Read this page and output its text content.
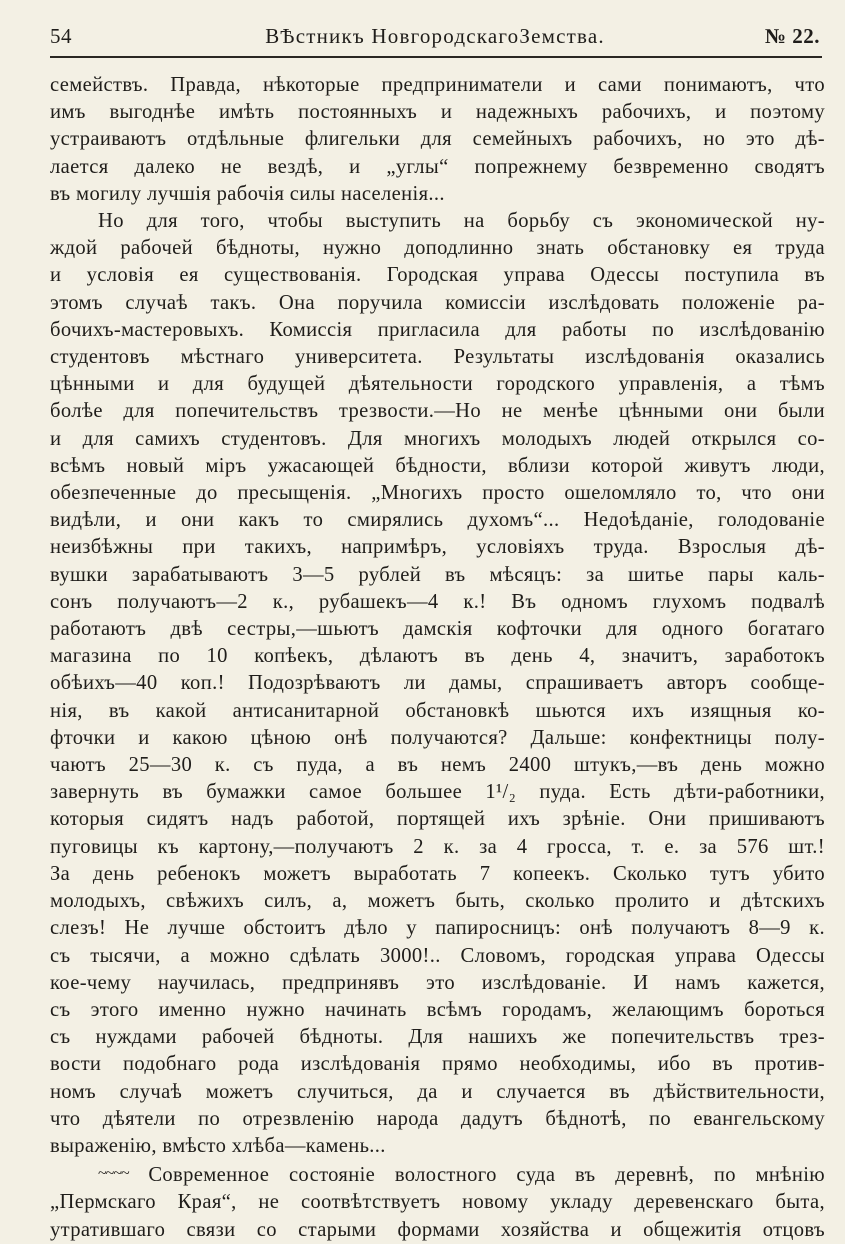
54	ВѢстникъ НовгородскагоЗемства.	№ 22.
семействъ. Правда, нѣкоторые предприниматели и сами понимаютъ, что
имъ выгоднѣе имѣть постоянныхъ и надежныхъ рабочихъ, и поэтому
устраиваютъ отдѣльные флигельки для семейныхъ рабочихъ, но это дѣ-
лается далеко не вездѣ, и „углы“ попрежнему безвременно сводятъ
въ могилу лучшія рабочія силы населенія...
Но для того, чтобы выступить на борьбу съ экономической ну-
ждой рабочей бѣдноты, нужно доподлинно знать обстановку ея труда
и условія ея существованія. Городская управа Одессы поступила въ
этомъ случаѣ такъ. Она поручила комиссіи изслѣдовать положеніе ра-
бочихъ-мастеровыхъ. Комиссія пригласила для работы по изслѣдованію
студентовъ мѣстнаго университета. Результаты изслѣдованія оказались
цѣнными и для будущей дѣятельности городского управленія, а тѣмъ
болѣе для попечительствъ трезвости.—Но не менѣе цѣнными они были
и для самихъ студентовъ. Для многихъ молодыхъ людей открылся со-
всѣмъ новый міръ ужасающей бѣдности, вблизи которой живутъ люди,
обезпеченные до пресыщенія. „Многихъ просто ошеломляло то, что они
видѣли, и они какъ то смирялись духомъ“... Недоѣданіе, голодованіе
неизбѣжны при такихъ, напримѣръ, условіяхъ труда. Взрослыя дѣ-
вушки зарабатываютъ 3—5 рублей въ мѣсяцъ: за шитье пары каль-
сонъ получаютъ—2 к., рубашекъ—4 к.! Въ одномъ глухомъ подвалѣ
работаютъ двѣ сестры,—шьютъ дамскія кофточки для одного богатаго
магазина по 10 копѣекъ, дѣлаютъ въ день 4, значитъ, заработокъ
обѣихъ—40 коп.! Подозрѣваютъ ли дамы, спрашиваетъ авторъ сообще-
нія, въ какой антисанитарной обстановкѣ шьются ихъ изящныя ко-
фточки и какою цѣною онѣ получаются? Дальше: конфектницы полу-
чаютъ 25—30 к. съ пуда, а въ немъ 2400 штукъ,—въ день можно
завернуть въ бумажки самое большее 1¹/₂ пуда. Есть дѣти-работники,
которыя сидятъ надъ работой, портящей ихъ зрѣніе. Они пришиваютъ
пуговицы къ картону,—получаютъ 2 к. за 4 гросса, т. е. за 576 шт.!
За день ребенокъ можетъ выработать 7 копеекъ. Сколько тутъ убито
молодыхъ, свѣжихъ силъ, а, можетъ быть, сколько пролито и дѣтскихъ
слезъ! Не лучше обстоитъ дѣло у папиросницъ: онѣ получаютъ 8—9 к.
съ тысячи, а можно сдѣлать 3000!.. Словомъ, городская управа Одессы
кое-чему научилась, предпринявъ это изслѣдованіе. И намъ кажется,
съ этого именно нужно начинать всѣмъ городамъ, желающимъ бороться
съ нуждами рабочей бѣдноты. Для нашихъ же попечительствъ трез-
вости подобнаго рода изслѣдованія прямо необходимы, ибо въ против-
номъ случаѣ можетъ случиться, да и случается въ дѣйствительности,
что дѣятели по отрезвленію народа дадутъ бѣднотѣ, по евангельскому
выраженію, вмѣсто хлѣба—камень...
~~~~ Современное состояніе волостного суда въ деревнѣ, по мнѣнію
„Пермскаго Края“, не соотвѣтствуетъ новому укладу деревенскаго быта,
утратившаго связи со старыми формами хозяйства и общежитія отцовъ
